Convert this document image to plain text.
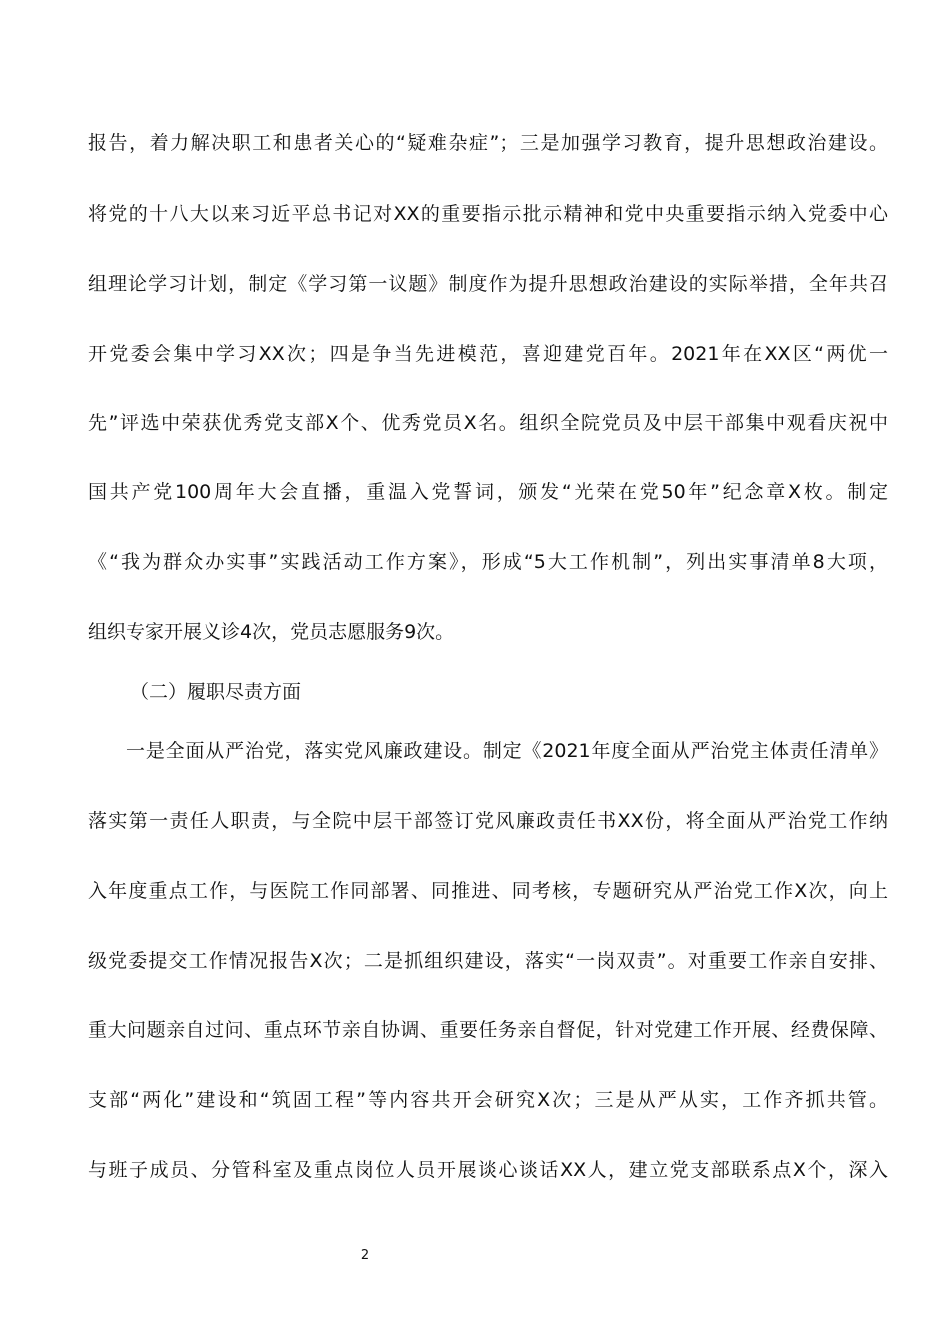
报告，着力解决职工和患者关心的“疑难杂症”；三是加强学习教育，提升思想政治建设。
将党的十八大以来习近平总书记对XX的重要指示批示精神和党中央重要指示纳入党委中心
组理论学习计划，制定《学习第一议题》制度作为提升思想政治建设的实际举措，全年共召
开党委会集中学习XX次；四是争当先进模范，喜迎建党百年。2021年在XX区“两优一
先”评选中荣获优秀党支部X个、优秀党员X名。组织全院党员及中层干部集中观看庆祝中
国共产党100周年大会直播，重温入党誓词，颁发“光荣在党50年”纪念章X枚。制定
《“我为群众办实事”实践活动工作方案》，形成“5大工作机制”，列出实事清单8大项，
组织专家开展义诊4次，党员志愿服务9次。
（二）履职尽责方面
一是全面从严治党，落实党风廉政建设。制定《2021年度全面从严治党主体责任清单》
落实第一责任人职责，与全院中层干部签订党风廉政责任书XX份，将全面从严治党工作纳
入年度重点工作，与医院工作同部署、同推进、同考核，专题研究从严治党工作X次，向上
级党委提交工作情况报告X次；二是抓组织建设，落实“一岗双责”。对重要工作亲自安排、
重大问题亲自过问、重点环节亲自协调、重要任务亲自督促，针对党建工作开展、经费保障、
支部“两化”建设和“筑固工程”等内容共开会研究X次；三是从严从实，工作齐抓共管。
与班子成员、分管科室及重点岗位人员开展谈心谈话XX人，建立党支部联系点X个，深入
2
